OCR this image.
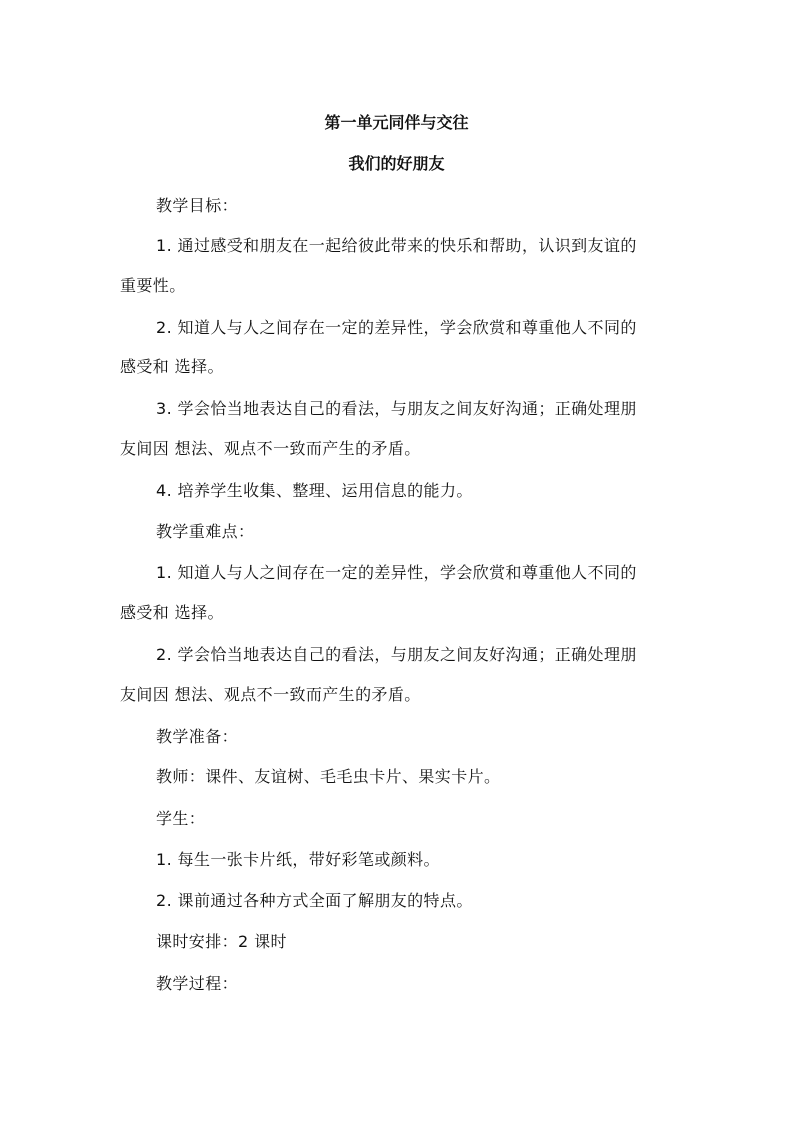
第一单元同伴与交往
我们的好朋友
教学目标：
1. 通过感受和朋友在一起给彼此带来的快乐和帮助，认识到友谊的
重要性。
2. 知道人与人之间存在一定的差异性，学会欣赏和尊重他人不同的
感受和 选择。
3. 学会恰当地表达自己的看法，与朋友之间友好沟通；正确处理朋
友间因 想法、观点不一致而产生的矛盾。
4. 培养学生收集、整理、运用信息的能力。
教学重难点：
1. 知道人与人之间存在一定的差异性，学会欣赏和尊重他人不同的
感受和 选择。
2. 学会恰当地表达自己的看法，与朋友之间友好沟通；正确处理朋
友间因 想法、观点不一致而产生的矛盾。
教学准备：
教师：课件、友谊树、毛毛虫卡片、果实卡片。
学生：
1. 每生一张卡片纸，带好彩笔或颜料。
2. 课前通过各种方式全面了解朋友的特点。
课时安排：2 课时
教学过程：
